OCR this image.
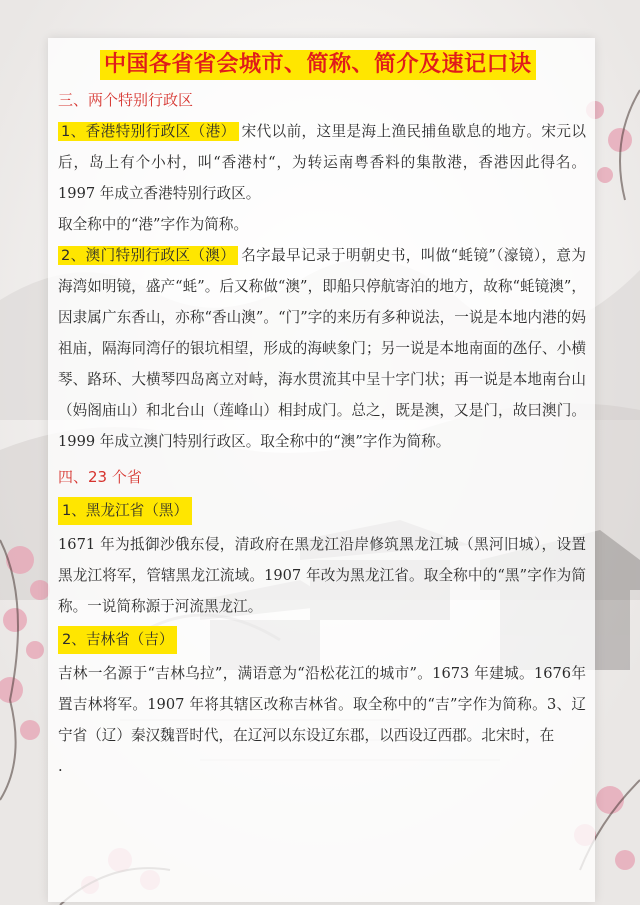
中国各省省会城市、简称、简介及速记口诀
三、两个特别行政区

1、香港特别行政区（港） 宋代以前，这里是海上渔民捕鱼歇息的地方。宋元以后，岛上有个小村，叫“香港村“，为转运南粤香料的集散港，香港因此得名。1997 年成立香港特别行政区。

取全称中的“港”字作为简称。

2、澳门特别行政区（澳） 名字最早记录于明朝史书，叫做“蚝镜”（濠镜），意为海湾如明镜，盛产“蚝”。后又称做“澳”，即船只停航寄泊的地方，故称“蚝镜澳”，因隶属广东香山，亦称“香山澳”。“门”字的来历有多种说法，一说是本地内港的妈祖庙，隔海同湾仔的银坑相望，形成的海峡象门；另一说是本地南面的氹仔、小横琴、路环、大横琴四岛离立对峙，海水贯流其中呈十字门状；再一说是本地南台山（妈阁庙山）和北台山（莲峰山）相封成门。总之，既是澳，又是门，故曰澳门。1999 年成立澳门特别行政区。取全称中的“澳”字作为简称。

四、23 个省
1、黑龙江省（黑）

1671 年为抵御沙俄东侵，清政府在黑龙江沿岸修筑黑龙江城（黑河旧城），设置黑龙江将军，管辖黑龙江流域。1907 年改为黑龙江省。取全称中的“黑”字作为简称。一说简称源于河流黑龙江。

2、吉林省（吉）

吉林一名源于“吉林乌拉”，满语意为“沿松花江的城市”。1673 年建城。1676年置吉林将军。1907 年将其辖区改称吉林省。取全称中的“吉”字作为简称。3、辽宁省（辽）秦汉魏晋时代，在辽河以东设辽东郡，以西设辽西郡。北宋时，在

.
